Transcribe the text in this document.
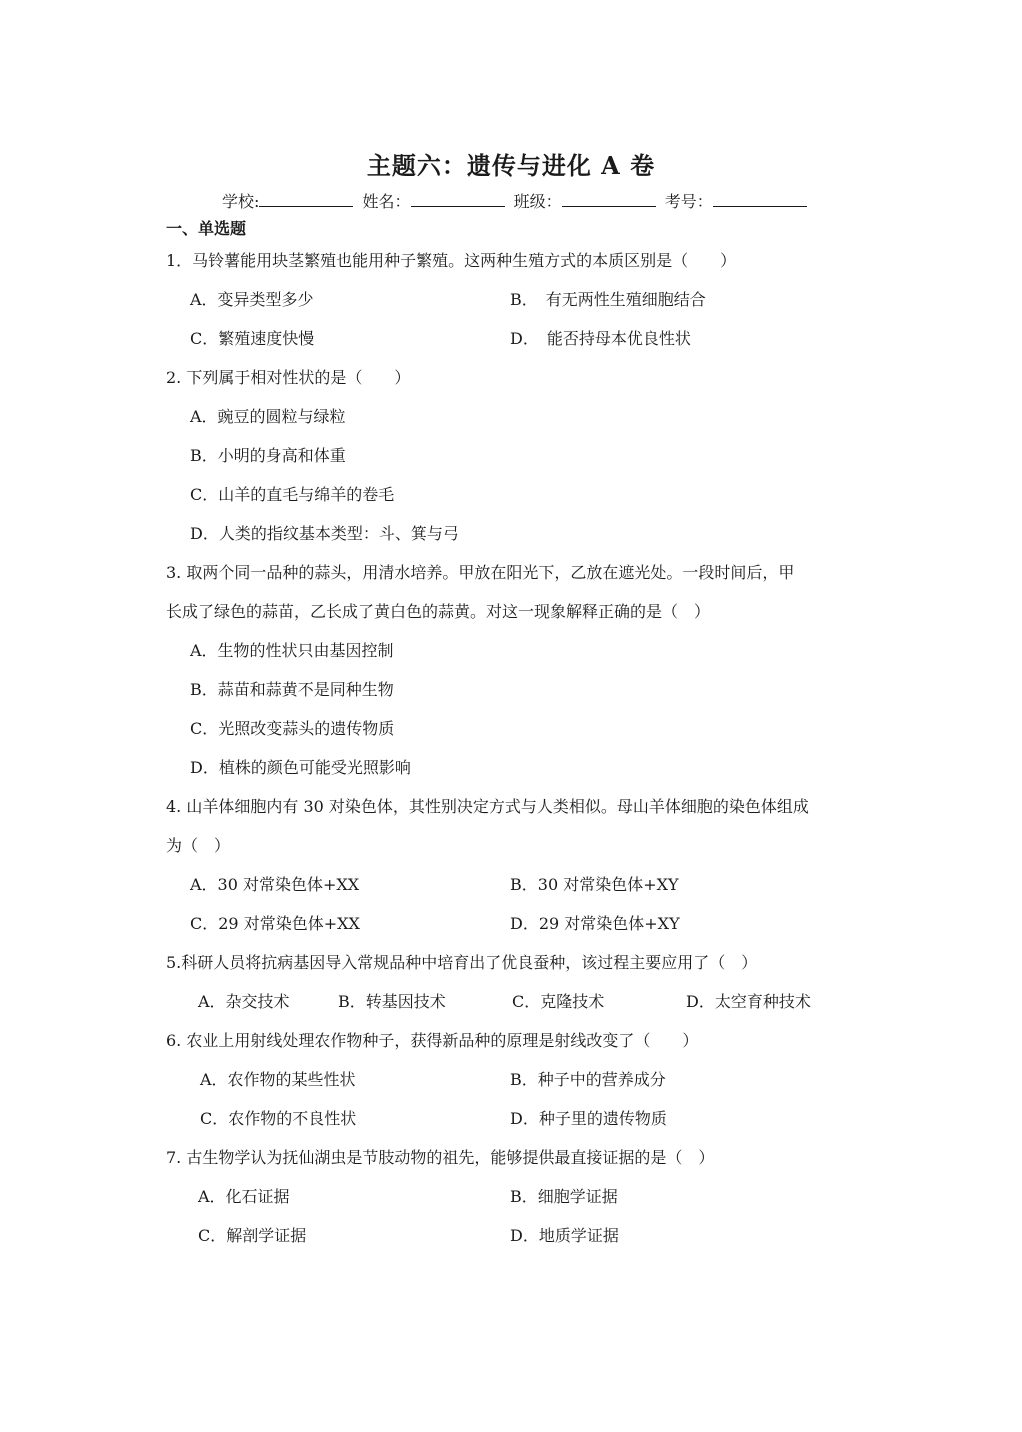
主题六：遗传与进化 A 卷
学校:	姓名：	班级：	考号：
一、单选题
1．马铃薯能用块茎繁殖也能用种子繁殖。这两种生殖方式的本质区别是（　　）
A．变异类型多少	B．　有无两性生殖细胞结合
C．繁殖速度快慢	D．　能否持母本优良性状
2. 下列属于相对性状的是（　　）
A．豌豆的圆粒与绿粒
B．小明的身高和体重
C．山羊的直毛与绵羊的卷毛
D．人类的指纹基本类型：斗、箕与弓
3. 取两个同一品种的蒜头，用清水培养。甲放在阳光下，乙放在遮光处。一段时间后，甲
长成了绿色的蒜苗，乙长成了黄白色的蒜黄。对这一现象解释正确的是（　）
A．生物的性状只由基因控制
B．蒜苗和蒜黄不是同种生物
C．光照改变蒜头的遗传物质
D．植株的颜色可能受光照影响
4. 山羊体细胞内有 30 对染色体，其性别决定方式与人类相似。母山羊体细胞的染色体组成
为（　）
A．30 对常染色体+XX	B．30 对常染色体+XY
C．29 对常染色体+XX	D．29 对常染色体+XY
5.科研人员将抗病基因导入常规品种中培育出了优良蚕种，该过程主要应用了（　）
A．杂交技术	B．转基因技术	C．克隆技术	D．太空育种技术
6. 农业上用射线处理农作物种子，获得新品种的原理是射线改变了（　　）
A．农作物的某些性状	B．种子中的营养成分
C．农作物的不良性状	D．种子里的遗传物质
7. 古生物学认为抚仙湖虫是节肢动物的祖先，能够提供最直接证据的是（　）
A．化石证据	B．细胞学证据
C．解剖学证据	D．地质学证据
